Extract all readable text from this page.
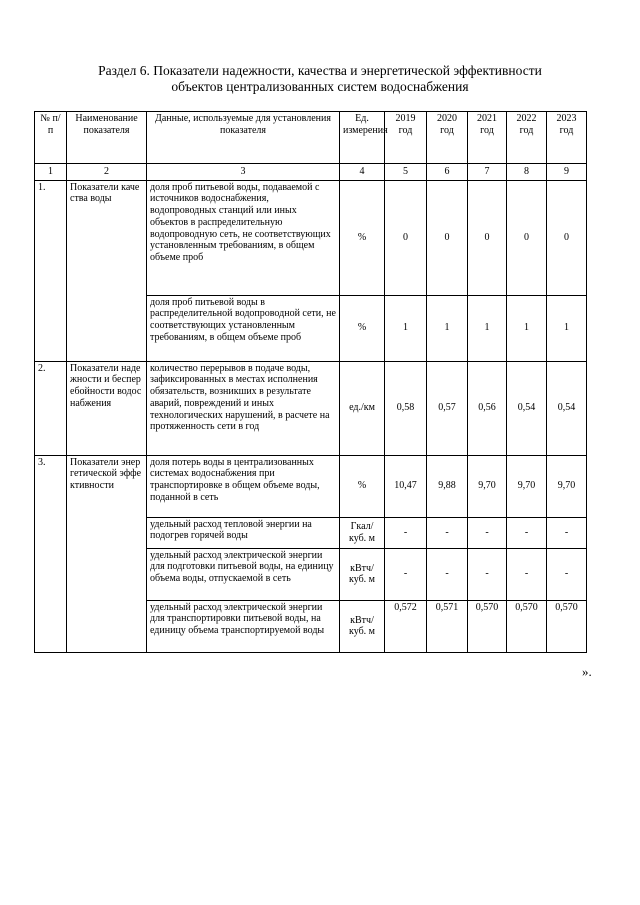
Раздел 6. Показатели надежности, качества и энергетической эффективности
объектов централизованных систем водоснабжения
№ п/п	Наименование показателя	Данные, используемые для установления показателя	Ед. измерения	2019 год	2020 год	2021 год	2022 год	2023 год
1	2	3	4	5	6	7	8	9
1.	Показатели качества воды	доля проб питьевой воды, подаваемой с источников водоснабжения, водопроводных станций или иных объектов в распределительную водопроводную сеть, не соответствующих установленным требованиям, в общем объеме проб	%	0	0	0	0	0
		доля проб питьевой воды в распределительной водопроводной сети, не соответствующих установленным требованиям, в общем объеме проб	%	1	1	1	1	1
2.	Показатели надежности и бесперебойности водоснабжения	количество перерывов в подаче воды, зафиксированных в местах исполнения обязательств, возникших в результате аварий, повреждений и иных технологических нарушений, в расчете на протяженность сети в год	ед./км	0,58	0,57	0,56	0,54	0,54
3.	Показатели энергетической эффективности	доля потерь воды в централизованных системах водоснабжения при транспортировке в общем объеме воды, поданной в сеть	%	10,47	9,88	9,70	9,70	9,70
		удельный расход тепловой энергии на подогрев горячей воды	Гкал/ куб. м	-	-	-	-	-
		удельный расход электрической энергии для подготовки питьевой воды, на единицу объема воды, отпускаемой в сеть	кВтч/ куб. м	-	-	-	-	-
		удельный расход электрической энергии для транспортировки питьевой воды, на единицу объема транспортируемой воды	кВтч/ куб. м	0,572	0,571	0,570	0,570	0,570
».
